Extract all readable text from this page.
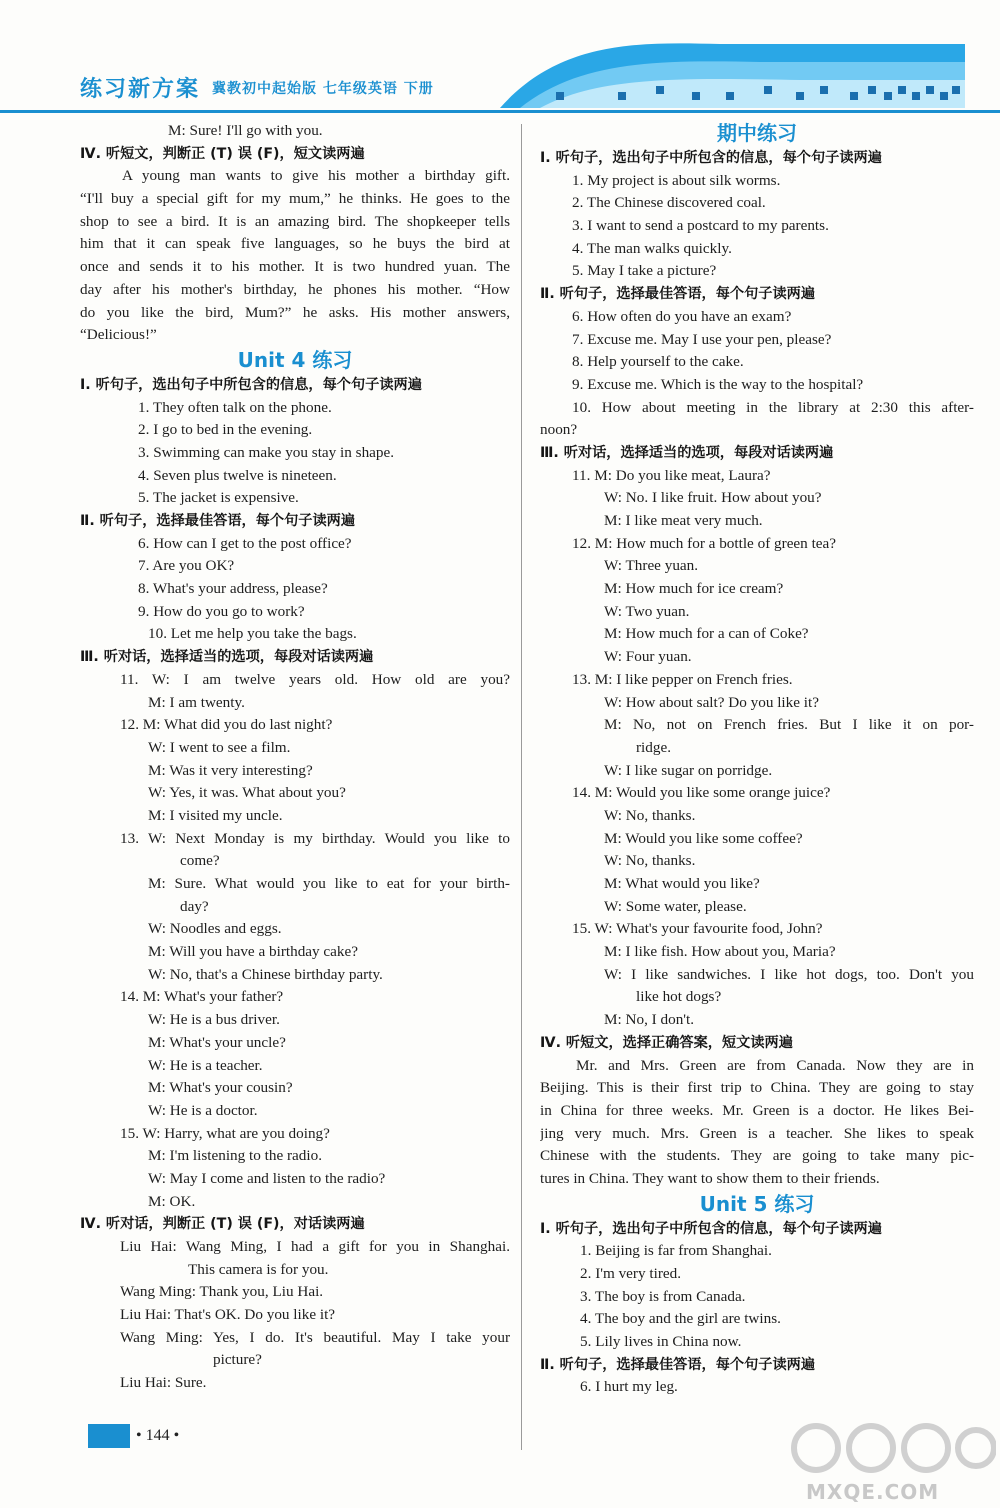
练习新方案 冀教初中起始版 七年级英语 下册
M: Sure! I'll go with you.
Ⅳ. 听短文，判断正 (T) 误 (F)，短文读两遍
A young man wants to give his mother a birthday gift.
“I'll buy a special gift for my mum,” he thinks. He goes to the
shop to see a bird. It is an amazing bird. The shopkeeper tells
him that it can speak five languages, so he buys the bird at
once and sends it to his mother. It is two hundred yuan. The
day after his mother's birthday, he phones his mother. “How
do you like the bird, Mum?” he asks. His mother answers,
“Delicious!”
Unit 4 练习
Ⅰ. 听句子，选出句子中所包含的信息，每个句子读两遍
1. They often talk on the phone.
2. I go to bed in the evening.
3. Swimming can make you stay in shape.
4. Seven plus twelve is nineteen.
5. The jacket is expensive.
Ⅱ. 听句子，选择最佳答语，每个句子读两遍
6. How can I get to the post office?
7. Are you OK?
8. What's your address, please?
9. How do you go to work?
10. Let me help you take the bags.
Ⅲ. 听对话，选择适当的选项，每段对话读两遍
11. W: I am twelve years old. How old are you?
M: I am twenty.
12. M: What did you do last night?
W: I went to see a film.
M: Was it very interesting?
W: Yes, it was. What about you?
M: I visited my uncle.
13. W: Next Monday is my birthday. Would you like to
come?
M: Sure. What would you like to eat for your birth-
day?
W: Noodles and eggs.
M: Will you have a birthday cake?
W: No, that's a Chinese birthday party.
14. M: What's your father?
W: He is a bus driver.
M: What's your uncle?
W: He is a teacher.
M: What's your cousin?
W: He is a doctor.
15. W: Harry, what are you doing?
M: I'm listening to the radio.
W: May I come and listen to the radio?
M: OK.
Ⅳ. 听对话，判断正 (T) 误 (F)，对话读两遍
Liu Hai: Wang Ming, I had a gift for you in Shanghai.
This camera is for you.
Wang Ming: Thank you, Liu Hai.
Liu Hai: That's OK. Do you like it?
Wang Ming: Yes, I do. It's beautiful. May I take your
picture?
Liu Hai: Sure.
期中练习
Ⅰ. 听句子，选出句子中所包含的信息，每个句子读两遍
1. My project is about silk worms.
2. The Chinese discovered coal.
3. I want to send a postcard to my parents.
4. The man walks quickly.
5. May I take a picture?
Ⅱ. 听句子，选择最佳答语，每个句子读两遍
6. How often do you have an exam?
7. Excuse me. May I use your pen, please?
8. Help yourself to the cake.
9. Excuse me. Which is the way to the hospital?
10. How about meeting in the library at 2:30 this after-
noon?
Ⅲ. 听对话，选择适当的选项，每段对话读两遍
11. M: Do you like meat, Laura?
W: No. I like fruit. How about you?
M: I like meat very much.
12. M: How much for a bottle of green tea?
W: Three yuan.
M: How much for ice cream?
W: Two yuan.
M: How much for a can of Coke?
W: Four yuan.
13. M: I like pepper on French fries.
W: How about salt? Do you like it?
M: No, not on French fries. But I like it on por-
ridge.
W: I like sugar on porridge.
14. M: Would you like some orange juice?
W: No, thanks.
M: Would you like some coffee?
W: No, thanks.
M: What would you like?
W: Some water, please.
15. W: What's your favourite food, John?
M: I like fish. How about you, Maria?
W: I like sandwiches. I like hot dogs, too. Don't you
like hot dogs?
M: No, I don't.
Ⅳ. 听短文，选择正确答案，短文读两遍
Mr. and Mrs. Green are from Canada. Now they are in
Beijing. This is their first trip to China. They are going to stay
in China for three weeks. Mr. Green is a doctor. He likes Bei-
jing very much. Mrs. Green is a teacher. She likes to speak
Chinese with the students. They are going to take many pic-
tures in China. They want to show them to their friends.
Unit 5 练习
Ⅰ. 听句子，选出句子中所包含的信息，每个句子读两遍
1. Beijing is far from Shanghai.
2. I'm very tired.
3. The boy is from Canada.
4. The boy and the girl are twins.
5. Lily lives in China now.
Ⅱ. 听句子，选择最佳答语，每个句子读两遍
6. I hurt my leg.
• 144 •
MXQE.COM
